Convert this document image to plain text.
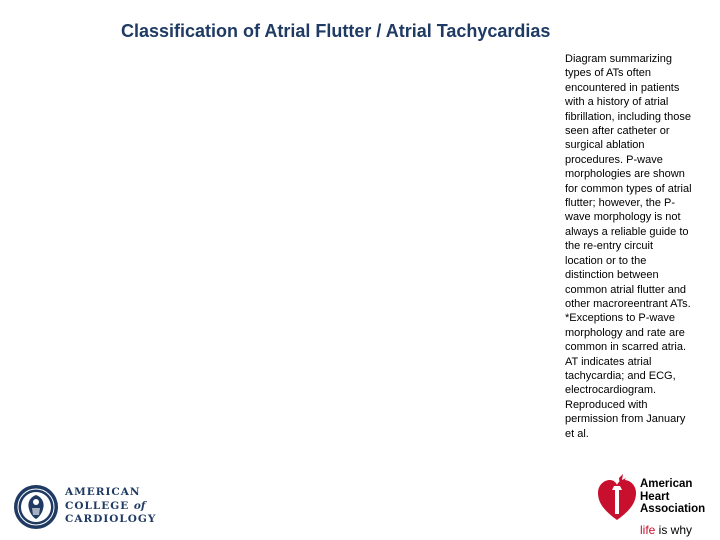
Classification of Atrial Flutter / Atrial Tachycardias
Diagram summarizing
types of ATs often
encountered in patients
with a history of atrial
fibrillation, including those
seen after catheter or
surgical ablation
procedures. P-wave
morphologies are shown
for common types of atrial
flutter; however, the P-
wave morphology is not
always a reliable guide to
the re-entry circuit
location or to the
distinction between
common atrial flutter and
other macroreentrant ATs.
*Exceptions to P-wave
morphology and rate are
common in scarred atria.
AT indicates atrial
tachycardia; and ECG,
electrocardiogram.
Reproduced with
permission from January
et al.
AMERICAN
COLLEGE of
CARDIOLOGY
American
Heart
Association
life is why
